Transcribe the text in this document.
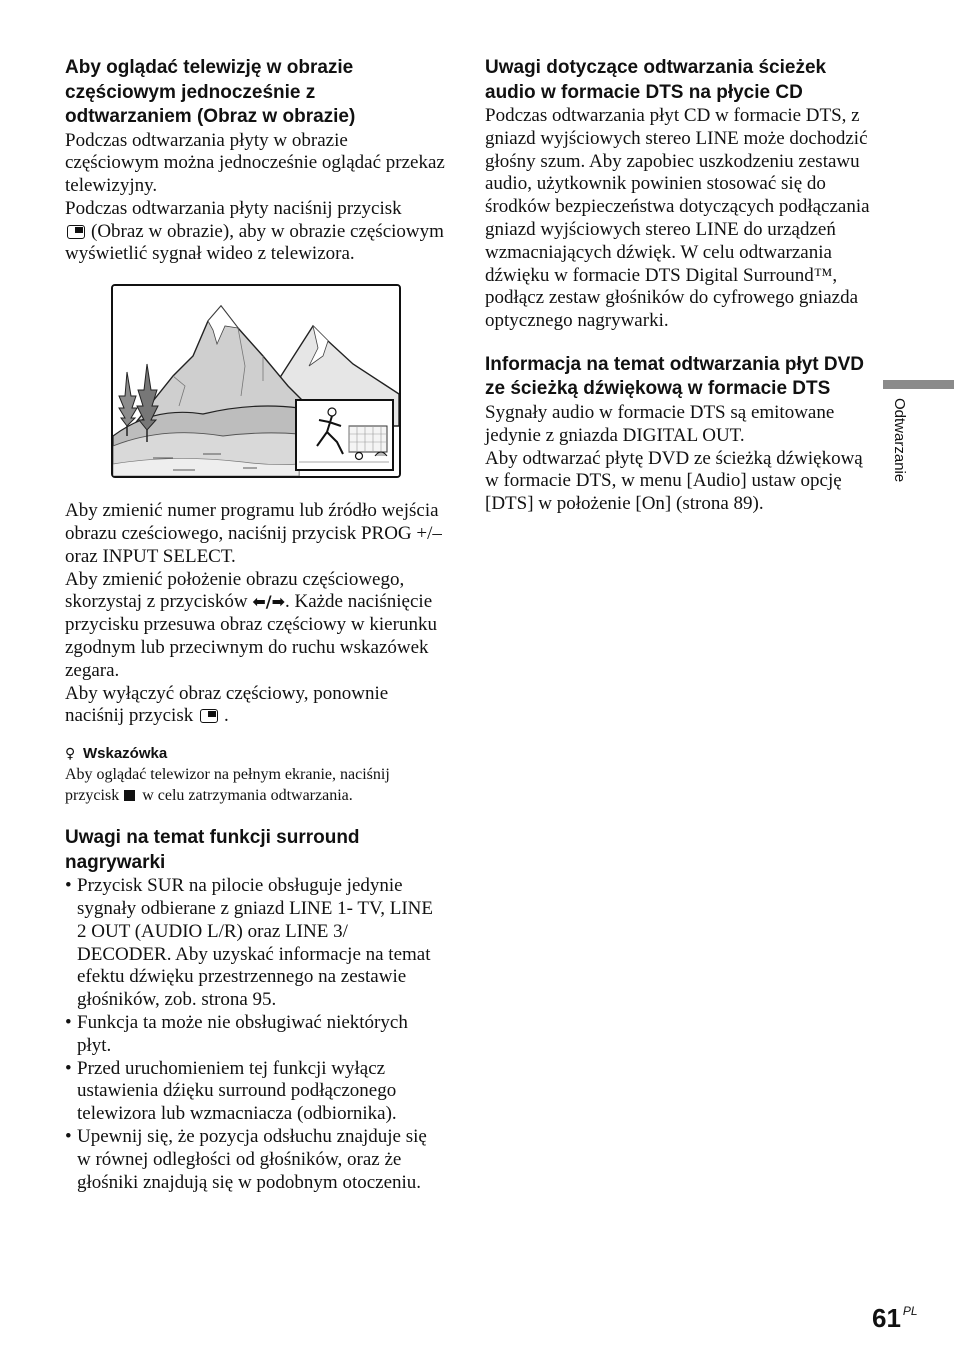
Aby oglądać telewizję w obrazie częściowym jednocześnie z odtwarzaniem (Obraz w obrazie)

Podczas odtwarzania płyty w obrazie częściowym można jednocześnie oglądać przekaz telewizyjny.

Podczas odtwarzania płyty naciśnij przycisk
(Obraz w obrazie), aby w obrazie częściowym wyświetlić sygnał wideo z telewizora.

Aby zmienić numer programu lub źródło wejścia obrazu cześciowego, naciśnij przycisk PROG +/– oraz INPUT SELECT.

Aby zmienić położenie obrazu częściowego, skorzystaj z przycisków ⬅/➡. Każde naciśnięcie przycisku przesuwa obraz częściowy w kierunku zgodnym lub przeciwnym do ruchu wskazówek zegara.

Aby wyłączyć obraz częściowy, ponownie naciśnij przycisk .

♀ Wskazówka

Aby oglądać telewizor na pełnym ekranie, naciśnij przycisk w celu zatrzymania odtwarzania.

Uwagi na temat funkcji surround nagrywarki

• Przycisk SUR na pilocie obsługuje jedynie sygnały odbierane z gniazd LINE 1- TV, LINE 2 OUT (AUDIO L/R) oraz LINE 3/ DECODER. Aby uzyskać informacje na temat efektu dźwięku przestrzennego na zestawie głośników, zob. strona 95.
• Funkcja ta może nie obsługiwać niektórych płyt.
• Przed uruchomieniem tej funkcji wyłącz ustawienia dźięku surround podłączonego telewizora lub wzmacniacza (odbiornika).
• Upewnij się, że pozycja odsłuchu znajduje się w równej odległości od głośników, oraz że głośniki znajdują się w podobnym otoczeniu.

Uwagi dotyczące odtwarzania ścieżek audio w formacie DTS na płycie CD

Podczas odtwarzania płyt CD w formacie DTS, z gniazd wyjściowych stereo LINE może dochodzić głośny szum. Aby zapobiec uszkodzeniu zestawu audio, użytkownik powinien stosować się do środków bezpieczeństwa dotyczących podłączania gniazd wyjściowych stereo LINE do urządzeń wzmacniających dźwięk. W celu odtwarzania dźwięku w formacie DTS Digital Surround™, podłącz zestaw głośników do cyfrowego gniazda optycznego nagrywarki.

Informacja na temat odtwarzania płyt DVD ze ścieżką dźwiękową w formacie DTS

Sygnały audio w formacie DTS są emitowane jedynie z gniazda DIGITAL OUT.

Aby odtwarzać płytę DVD ze ścieżką dźwiękową w formacie DTS, w menu [Audio] ustaw opcję [DTS] w położenie [On] (strona 89).

Odtwarzanie
61 $^{PL}$
